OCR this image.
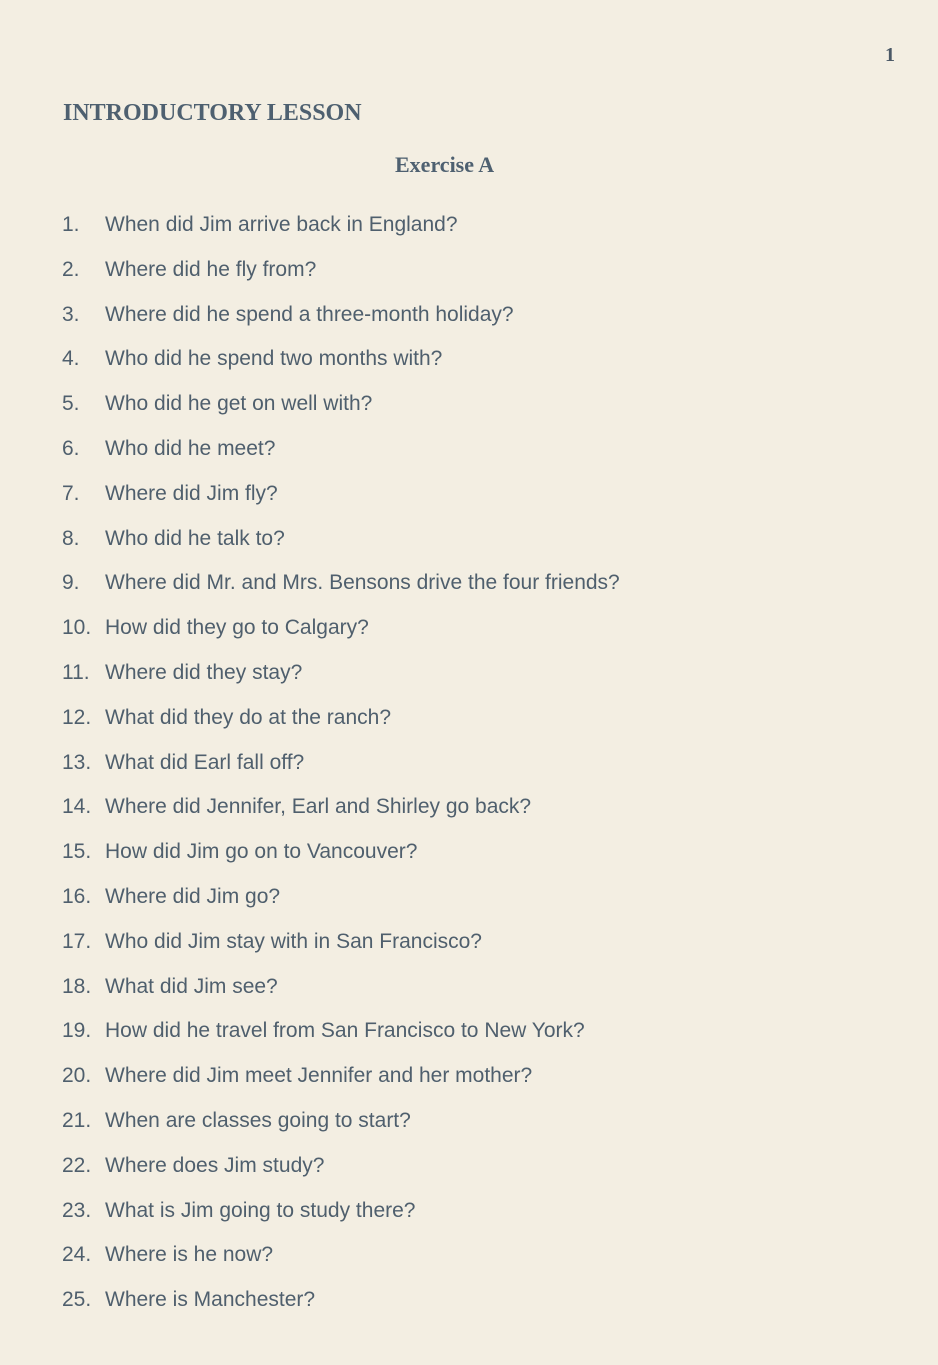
1
INTRODUCTORY LESSON
Exercise A
1. When did Jim arrive back in England?
2. Where did he fly from?
3. Where did he spend a three-month holiday?
4. Who did he spend two months with?
5. Who did he get on well with?
6. Who did he meet?
7. Where did Jim fly?
8. Who did he talk to?
9. Where did Mr. and Mrs. Bensons drive the four friends?
10. How did they go to Calgary?
11. Where did they stay?
12. What did they do at the ranch?
13. What did Earl fall off?
14. Where did Jennifer, Earl and Shirley go back?
15. How did Jim go on to Vancouver?
16. Where did Jim go?
17. Who did Jim stay with in San Francisco?
18. What did Jim see?
19. How did he travel from San Francisco to New York?
20. Where did Jim meet Jennifer and her mother?
21. When are classes going to start?
22. Where does Jim study?
23. What is Jim going to study there?
24. Where is he now?
25. Where is Manchester?
